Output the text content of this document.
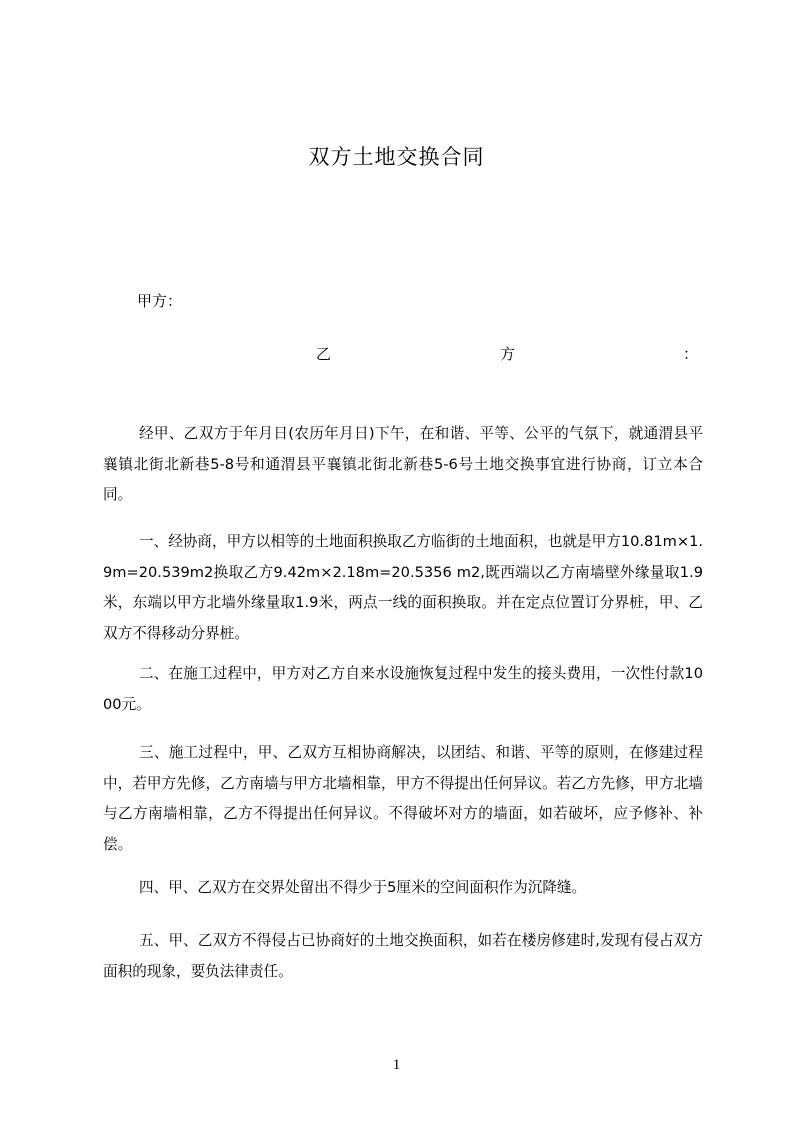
双方土地交换合同
甲方：
乙	方	：

经甲、乙双方于年月日(农历年月日)下午，在和谐、平等、公平的气氛下，就通渭县平襄镇北街北新巷5-8号和通渭县平襄镇北街北新巷5-6号土地交换事宜进行协商，订立本合同。

一、经协商，甲方以相等的土地面积换取乙方临街的土地面积，也就是甲方10.81m×1.9m=20.539m2换取乙方9.42m×2.18m=20.5356 m2,既西端以乙方南墙壁外缘量取1.9米，东端以甲方北墙外缘量取1.9米，两点一线的面积换取。并在定点位置订分界桩，甲、乙双方不得移动分界桩。

二、在施工过程中，甲方对乙方自来水设施恢复过程中发生的接头费用，一次性付款1000元。

三、施工过程中，甲、乙双方互相协商解决，以团结、和谐、平等的原则，在修建过程中，若甲方先修，乙方南墙与甲方北墙相靠，甲方不得提出任何异议。若乙方先修，甲方北墙与乙方南墙相靠，乙方不得提出任何异议。不得破坏对方的墙面，如若破坏，应予修补、补偿。

四、甲、乙双方在交界处留出不得少于5厘米的空间面积作为沉降缝。

五、甲、乙双方不得侵占已协商好的土地交换面积，如若在楼房修建时,发现有侵占双方面积的现象，要负法律责任。

1
